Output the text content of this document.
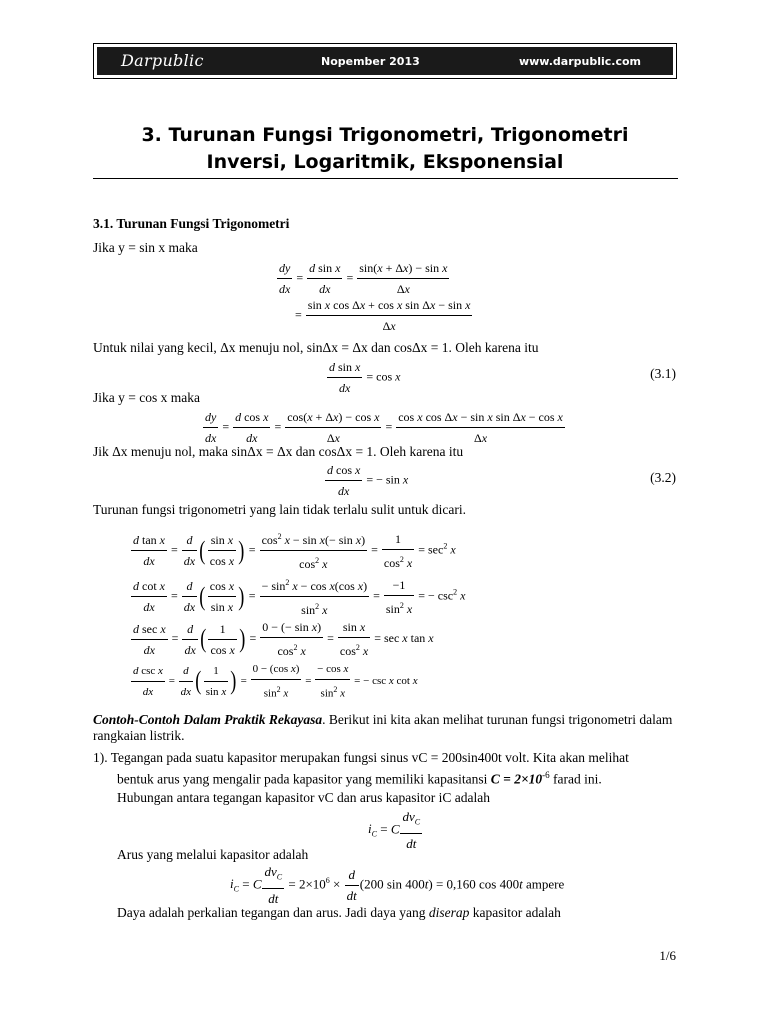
Darpublic	Nopember 2013	www.darpublic.com
3. Turunan Fungsi Trigonometri, Trigonometri
Inversi, Logaritmik, Eksponensial
3.1. Turunan Fungsi Trigonometri
Jika y = sin x maka
$\frac{dy}{dx} = \frac{\text{d sin x}}{dx} = \frac{\text{sin(x + Δx) − sin x}}{\Delta x}$
= $\frac{\text{sin x cos Δx + cos x sin Δx − sin x}}{\Delta x}$
Untuk nilai yang kecil, Δx menuju nol, sinΔx = Δx dan cosΔx = 1. Oleh karena itu
$\frac{\text{d sin x}}{dx} = \cos x$	(3.1)
Jika y = cos x maka
$\frac{dy}{dx} = \frac{\text{d cos x}}{dx} = \frac{\text{cos(x + Δx) − cos x}}{\Delta x} = \frac{\text{cos x cos Δx − sin x sin Δx − cos x}}{\Delta x}$
Jik Δx menuju nol, maka sinΔx = Δx dan cosΔx = 1. Oleh karena itu
$\frac{\text{d cos x}}{dx}$ = − sin x	(3.2)
Turunan fungsi trigonometri yang lain tidak terlalu sulit untuk dicari.
$\frac{\text{d tan x}}{dx} = \frac{d}{dx}$ ( $\frac{\text{sin x}}{\text{cos x}}$ ) = $\frac{\cos^2 x - \sin x(- \sin x)}{\cos^2 x} = \frac{1}{\cos^2 x} = \sec^2 x$
$\frac{\text{d cot x}}{dx} = \frac{d}{dx}$ ( $\frac{\text{cos x}}{\text{sin x}}$ ) = $\frac{- \sin^2 x - \cos x(\cos x)}{\sin^2 x} = \frac{-1}{\sin^2 x}$ = − $\csc^2 x$
d sec x
dx
= $\frac{d}{dx}$ ( $\frac{1}{\text{cos x}}$ ) = $\frac{\text{0 − (− sin x)}}{\cos^2 x} = \frac{\text{sin x}}{\cos^2 x} = \sec x$ tan x
d csc x
dx
= $\frac{d}{dx}$ ( $\frac{1}{\text{sin x}}$ ) = $\frac{\text{0 − (cos x)}}{\sin^2 x} = \frac{\text{− cos x}}{\sin^2 x}$ = − csc x cot x
Contoh-Contoh Dalam Praktik Rekayasa. Berikut ini kita akan melihat turunan fungsi trigonometri dalam rangkaian listrik.
1). Tegangan pada suatu kapasitor merupakan fungsi sinus vC = 200sin400t volt. Kita akan melihat
bentuk arus yang mengalir pada kapasitor yang memiliki kapasitansi $C = 2\times 10^{-6}$ farad ini.
Hubungan antara tegangan kapasitor vC dan arus kapasitor iC adalah
$i_C = C$
$dv_C$
dt
Arus yang melalui kapasitor adalah
$i_C = C$
$dv_C$
dt
= $2\times 10^6 \times \frac{d}{dt} (200$ sin 400t) = 0,160 cos 400t ampere
Daya adalah perkalian tegangan dan arus. Jadi daya yang diserap kapasitor adalah
1/6
